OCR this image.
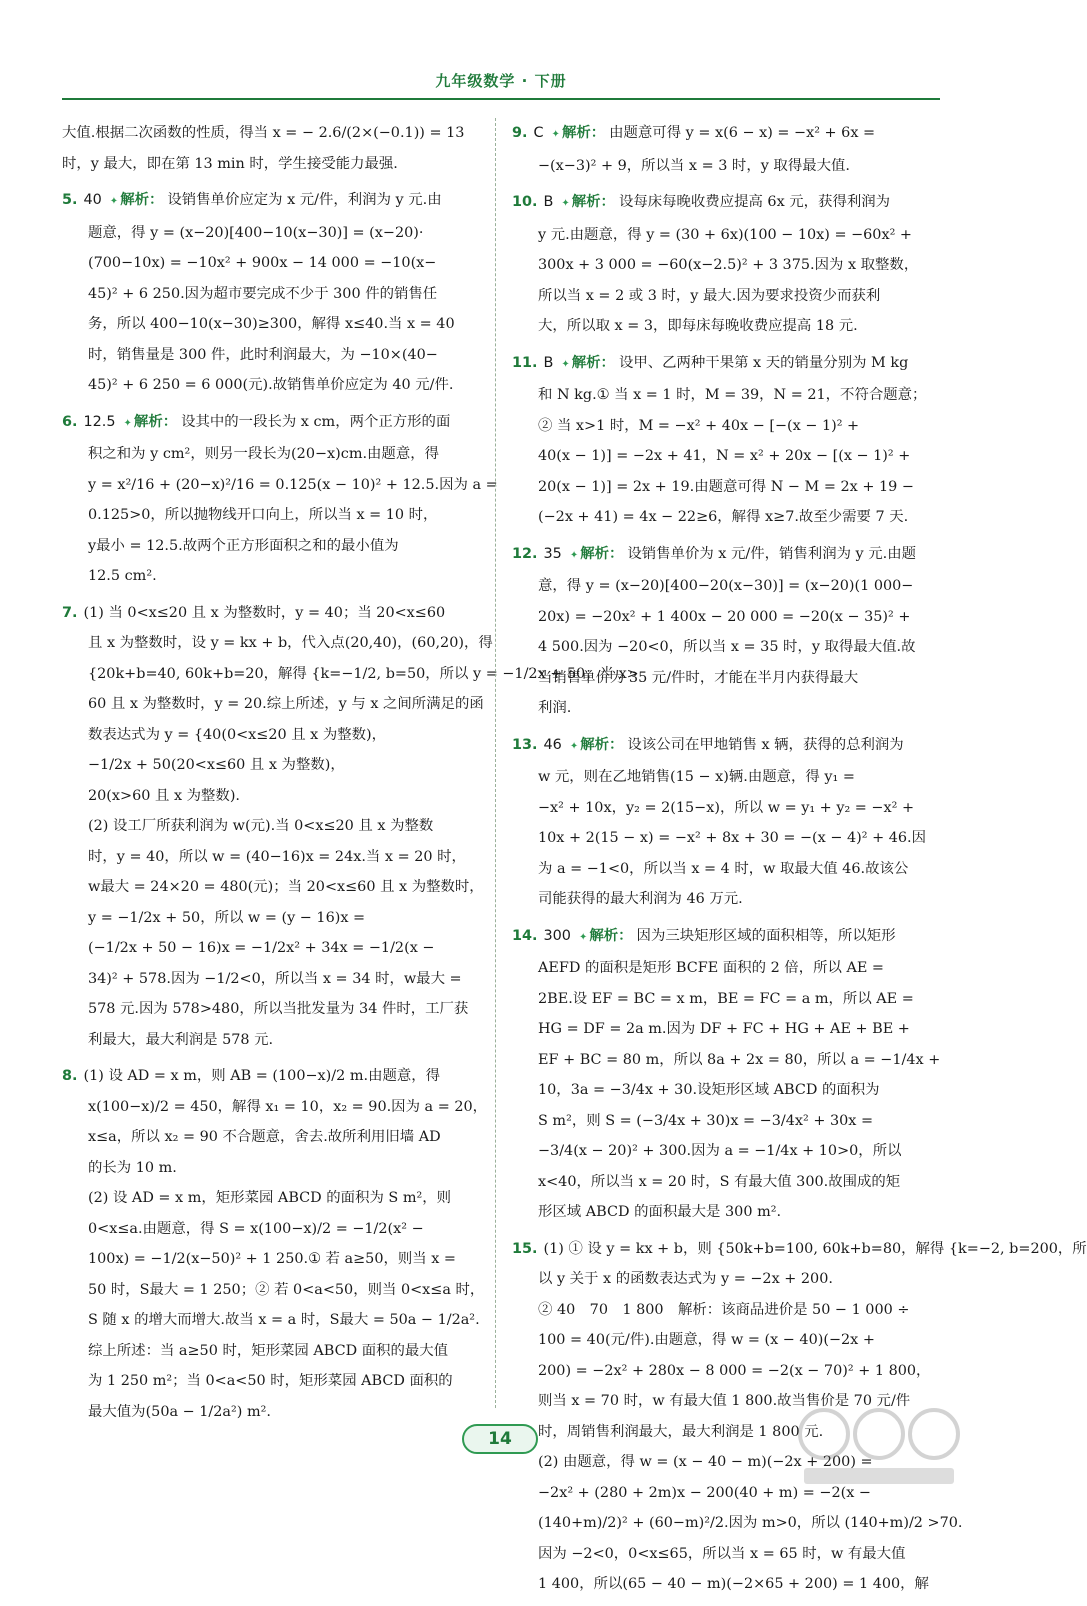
九年级数学 · 下册
大值.根据二次函数的性质，得当 x = − 2.6/(2×(−0.1)) = 13
时，y 最大，即在第 13 min 时，学生接受能力最强.
5. 40 ✦ 解析： 设销售单价应定为 x 元/件，利润为 y 元.由
题意，得 y = (x−20)[400−10(x−30)] = (x−20)·
(700−10x) = −10x² + 900x − 14 000 = −10(x−
45)² + 6 250.因为超市要完成不少于 300 件的销售任
务，所以 400−10(x−30)≥300，解得 x≤40.当 x = 40
时，销售量是 300 件，此时利润最大，为 −10×(40−
45)² + 6 250 = 6 000(元).故销售单价应定为 40 元/件.
6. 12.5 ✦ 解析： 设其中的一段长为 x cm，两个正方形的面
积之和为 y cm²，则另一段长为(20−x)cm.由题意，得
y = x²/16 + (20−x)²/16 = 0.125(x − 10)² + 12.5.因为 a =
0.125>0，所以抛物线开口向上，所以当 x = 10 时，
y最小 = 12.5.故两个正方形面积之和的最小值为
12.5 cm².
7. (1) 当 0<x≤20 且 x 为整数时，y = 40；当 20<x≤60
且 x 为整数时，设 y = kx + b，代入点(20,40)，(60,20)，得
{20k+b=40, 60k+b=20，解得 {k=−1/2, b=50，所以 y = −1/2x + 50；当 x>
60 且 x 为整数时，y = 20.综上所述，y 与 x 之间所满足的函
数表达式为 y = {40(0<x≤20 且 x 为整数)，
−1/2x + 50(20<x≤60 且 x 为整数)，
20(x>60 且 x 为整数).
(2) 设工厂所获利润为 w(元).当 0<x≤20 且 x 为整数
时，y = 40，所以 w = (40−16)x = 24x.当 x = 20 时，
w最大 = 24×20 = 480(元)；当 20<x≤60 且 x 为整数时，
y = −1/2x + 50，所以 w = (y − 16)x =
(−1/2x + 50 − 16)x = −1/2x² + 34x = −1/2(x −
34)² + 578.因为 −1/2<0，所以当 x = 34 时，w最大 =
578 元.因为 578>480，所以当批发量为 34 件时，工厂获
利最大，最大利润是 578 元.
8. (1) 设 AD = x m，则 AB = (100−x)/2 m.由题意，得
x(100−x)/2 = 450，解得 x₁ = 10，x₂ = 90.因为 a = 20，
x≤a，所以 x₂ = 90 不合题意，舍去.故所利用旧墙 AD
的长为 10 m.
(2) 设 AD = x m，矩形菜园 ABCD 的面积为 S m²，则
0<x≤a.由题意，得 S = x(100−x)/2 = −1/2(x² −
100x) = −1/2(x−50)² + 1 250.① 若 a≥50，则当 x =
50 时，S最大 = 1 250；② 若 0<a<50，则当 0<x≤a 时，
S 随 x 的增大而增大.故当 x = a 时，S最大 = 50a − 1/2a².
综上所述：当 a≥50 时，矩形菜园 ABCD 面积的最大值
为 1 250 m²；当 0<a<50 时，矩形菜园 ABCD 面积的
最大值为(50a − 1/2a²) m².
9. C ✦ 解析： 由题意可得 y = x(6 − x) = −x² + 6x =
−(x−3)² + 9，所以当 x = 3 时，y 取得最大值.
10. B ✦ 解析： 设每床每晚收费应提高 6x 元，获得利润为
y 元.由题意，得 y = (30 + 6x)(100 − 10x) = −60x² +
300x + 3 000 = −60(x−2.5)² + 3 375.因为 x 取整数，
所以当 x = 2 或 3 时，y 最大.因为要求投资少而获利
大，所以取 x = 3，即每床每晚收费应提高 18 元.
11. B ✦ 解析： 设甲、乙两种干果第 x 天的销量分别为 M kg
和 N kg.① 当 x = 1 时，M = 39，N = 21，不符合题意；
② 当 x>1 时，M = −x² + 40x − [−(x − 1)² +
40(x − 1)] = −2x + 41，N = x² + 20x − [(x − 1)² +
20(x − 1)] = 2x + 19.由题意可得 N − M = 2x + 19 −
(−2x + 41) = 4x − 22≥6，解得 x≥7.故至少需要 7 天.
12. 35 ✦ 解析： 设销售单价为 x 元/件，销售利润为 y 元.由题
意，得 y = (x−20)[400−20(x−30)] = (x−20)(1 000−
20x) = −20x² + 1 400x − 20 000 = −20(x − 35)² +
4 500.因为 −20<0，所以当 x = 35 时，y 取得最大值.故
当销售单价为 35 元/件时，才能在半月内获得最大
利润.
13. 46 ✦ 解析： 设该公司在甲地销售 x 辆，获得的总利润为
w 元，则在乙地销售(15 − x)辆.由题意，得 y₁ =
−x² + 10x，y₂ = 2(15−x)，所以 w = y₁ + y₂ = −x² +
10x + 2(15 − x) = −x² + 8x + 30 = −(x − 4)² + 46.因
为 a = −1<0，所以当 x = 4 时，w 取最大值 46.故该公
司能获得的最大利润为 46 万元.
14. 300 ✦ 解析： 因为三块矩形区域的面积相等，所以矩形
AEFD 的面积是矩形 BCFE 面积的 2 倍，所以 AE =
2BE.设 EF = BC = x m，BE = FC = a m，所以 AE =
HG = DF = 2a m.因为 DF + FC + HG + AE + BE +
EF + BC = 80 m，所以 8a + 2x = 80，所以 a = −1/4x +
10，3a = −3/4x + 30.设矩形区域 ABCD 的面积为
S m²，则 S = (−3/4x + 30)x = −3/4x² + 30x =
−3/4(x − 20)² + 300.因为 a = −1/4x + 10>0，所以
x<40，所以当 x = 20 时，S 有最大值 300.故围成的矩
形区域 ABCD 的面积最大是 300 m².
15. (1) ① 设 y = kx + b，则 {50k+b=100, 60k+b=80，解得 {k=−2, b=200，所
以 y 关于 x 的函数表达式为 y = −2x + 200.
② 40　70　1 800　解析：该商品进价是 50 − 1 000 ÷
100 = 40(元/件).由题意，得 w = (x − 40)(−2x +
200) = −2x² + 280x − 8 000 = −2(x − 70)² + 1 800，
则当 x = 70 时，w 有最大值 1 800.故当售价是 70 元/件
时，周销售利润最大，最大利润是 1 800 元.
(2) 由题意，得 w = (x − 40 − m)(−2x + 200) =
−2x² + (280 + 2m)x − 200(40 + m) = −2(x −
(140+m)/2)² + (60−m)²/2.因为 m>0，所以 (140+m)/2 >70.
因为 −2<0，0<x≤65，所以当 x = 65 时，w 有最大值
1 400，所以(65 − 40 − m)(−2×65 + 200) = 1 400，解
14
